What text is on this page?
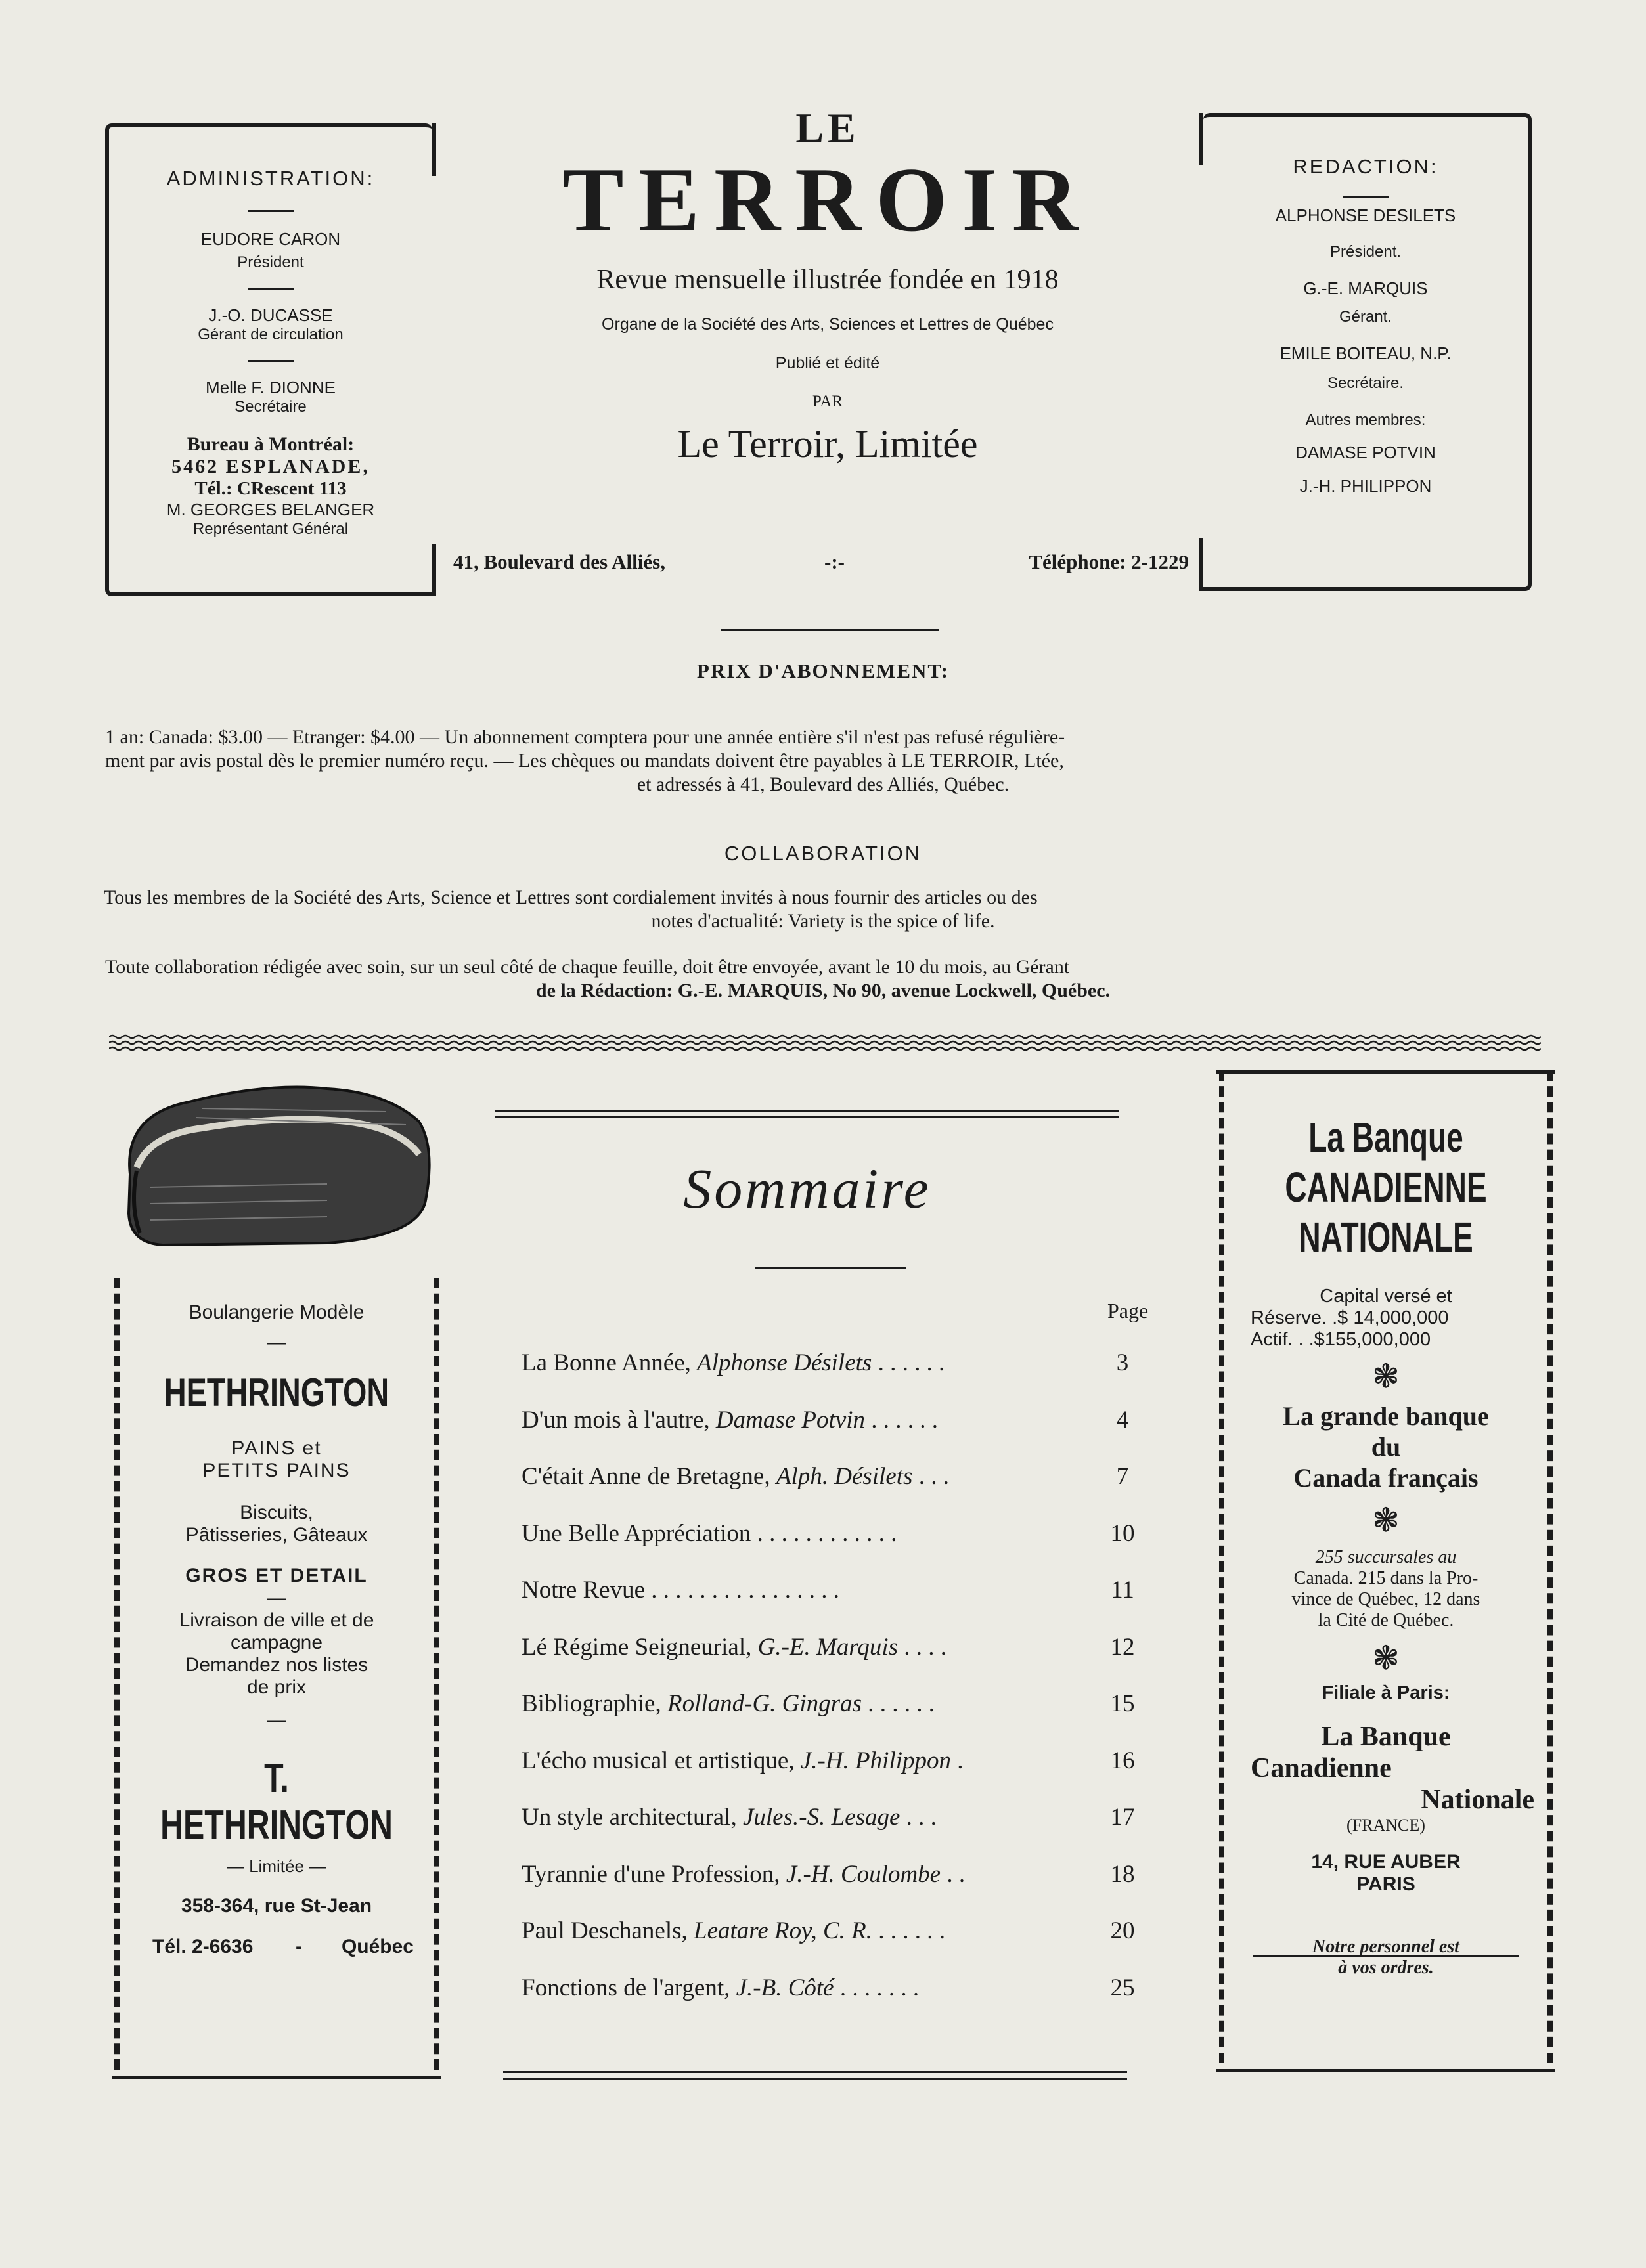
LE
TERROIR
Revue mensuelle illustrée fondée en 1918
Organe de la Société des Arts, Sciences et Lettres de Québec
Publié et édité
PAR
Le Terroir, Limitée
41, Boulevard des Alliés,	-:-	Téléphone: 2-1229
ADMINISTRATION:
EUDORE CARON
Président
J.-O. DUCASSE
Gérant de circulation
Melle F. DIONNE
Secrétaire
Bureau à Montréal:
5462 ESPLANADE,
Tél.: CRescent 113
M. GEORGES BELANGER
Représentant Général
REDACTION:
ALPHONSE DESILETS
Président.
G.-E. MARQUIS
Gérant.
EMILE BOITEAU, N.P.
Secrétaire.
Autres membres:
DAMASE POTVIN
J.-H. PHILIPPON
PRIX D'ABONNEMENT:
1 an: Canada: $3.00 — Etranger: $4.00 — Un abonnement comptera pour une année entière s'il n'est pas refusé régulière-
ment par avis postal dès le premier numéro reçu. — Les chèques ou mandats doivent être payables à LE TERROIR, Ltée,
et adressés à 41, Boulevard des Alliés, Québec.
COLLABORATION
Tous les membres de la Société des Arts, Science et Lettres sont cordialement invités à nous fournir des articles ou des
notes d'actualité: Variety is the spice of life.
Toute collaboration rédigée avec soin, sur un seul côté de chaque feuille, doit être envoyée, avant le 10 du mois, au Gérant
de la Rédaction: G.-E. MARQUIS, No 90, avenue Lockwell, Québec.
Boulangerie Modèle
—
HETHRINGTON
PAINS et
PETITS PAINS
Biscuits,
Pâtisseries, Gâteaux
GROS ET DETAIL
—
Livraison de ville et de
campagne
Demandez nos listes
de prix
—
T. HETHRINGTON
— Limitée —
358-364, rue St-Jean
Tél. 2-6636 - Québec
Sommaire
Page
La Bonne Année, Alphonse Désilets . . . . . .	3
D'un mois à l'autre, Damase Potvin . . . . . .	4
C'était Anne de Bretagne, Alph. Désilets . . .	7
Une Belle Appréciation . . . . . . . . . . . .	10
Notre Revue . . . . . . . . . . . . . . . .	11
Lé Régime Seigneurial, G.-E. Marquis . . . .	12
Bibliographie, Rolland-G. Gingras . . . . . .	15
L'écho musical et artistique, J.-H. Philippon .	16
Un style architectural, Jules.-S. Lesage . . .	17
Tyrannie d'une Profession, J.-H. Coulombe . .	18
Paul Deschanels, Leatare Roy, C. R. . . . . . .	20
Fonctions de l'argent, J.-B. Côté . . . . . . .	25
La Banque
CANADIENNE
NATIONALE
Capital versé et
Réserve. .$ 14,000,000
Actif. . .$155,000,000
❃
La grande banque
du
Canada français
❃
255 succursales au
Canada. 215 dans la Pro-
vince de Québec, 12 dans
la Cité de Québec.
❃
Filiale à Paris:
La Banque
Canadienne
Nationale
(FRANCE)
14, RUE AUBER
PARIS
Notre personnel est
à vos ordres.
